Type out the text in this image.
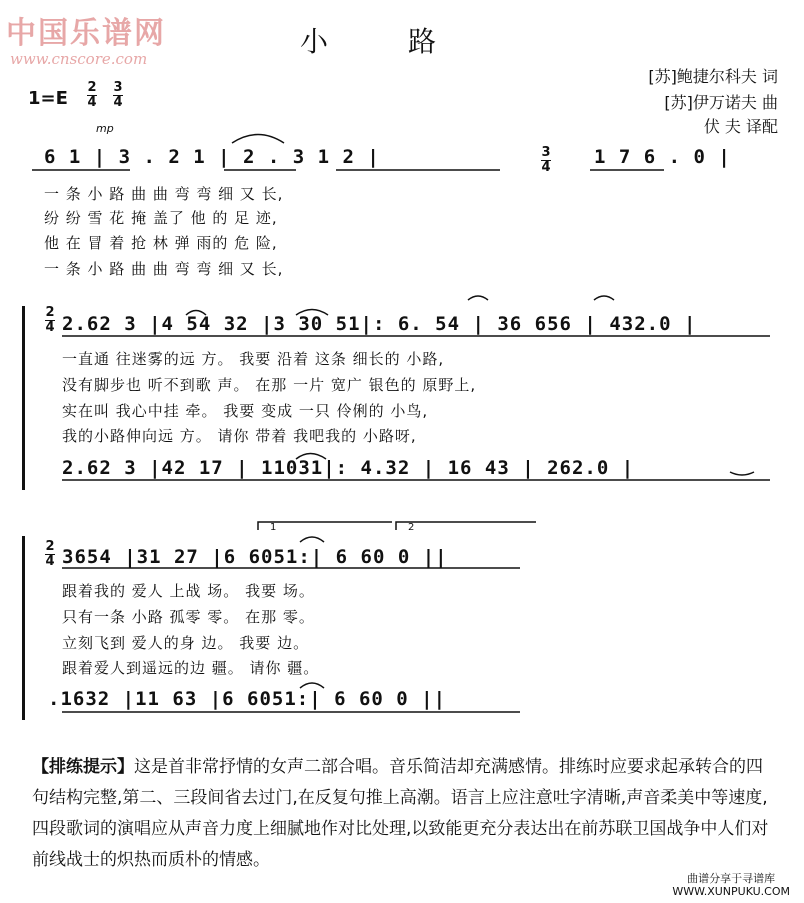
中国乐谱网
www.cnscore.com
小路
[苏]鲍捷尔科夫 词
[苏]伊万诺夫 曲
伏 夫 译配
1=E
2
4
3
4
mp
6 1 | 3 . 2 1 | 2 . 3 1 2 |	3
4 1 7 6 . 0 |
一 条 小 路 曲 曲 弯 弯 细 又 长,
纷 纷 雪 花 掩 盖了 他 的 足 迹,
他 在 冒 着 抢 林 弹 雨的 危 险,
一 条 小 路 曲 曲 弯 弯 细 又 长,
2
4 2.62 3 |4 54 32 |3 30 51|: 6. 54 | 36 656 | 432.0 |
一直通 往迷雾的远 方。 我要 沿着 这条 细长的 小路,
没有脚步也 听不到歌 声。 在那 一片 宽广 银色的 原野上,
实在叫 我心中挂 牵。 我要 变成 一只 伶俐的 小鸟,
我的小路伸向远 方。 请你 带着 我吧我的 小路呀,
2.62 3 |42 17 | 11031|: 4.32 | 16 43 | 262.0 |
2
4
1	2
3654 |31 27 |6 6051:| 6 60 0 ||
跟着我的 爱人 上战 场。 我要 场。
只有一条 小路 孤零 零。 在那 零。
立刻飞到 爱人的身 边。 我要 边。
跟着爱人到遥远的边 疆。 请你 疆。
.1632 |11 63 |6 6051:| 6 60 0 ||
【排练提示】这是首非常抒情的女声二部合唱。音乐简洁却充满感情。排练时应要求起承转合的四句结构完整,第二、三段间省去过门,在反复句推上高潮。语言上应注意吐字清晰,声音柔美中等速度,四段歌词的演唱应从声音力度上细腻地作对比处理,以致能更充分表达出在前苏联卫国战争中人们对前线战士的炽热而质朴的情感。
曲谱分享于寻谱库
WWW.XUNPUKU.COM
